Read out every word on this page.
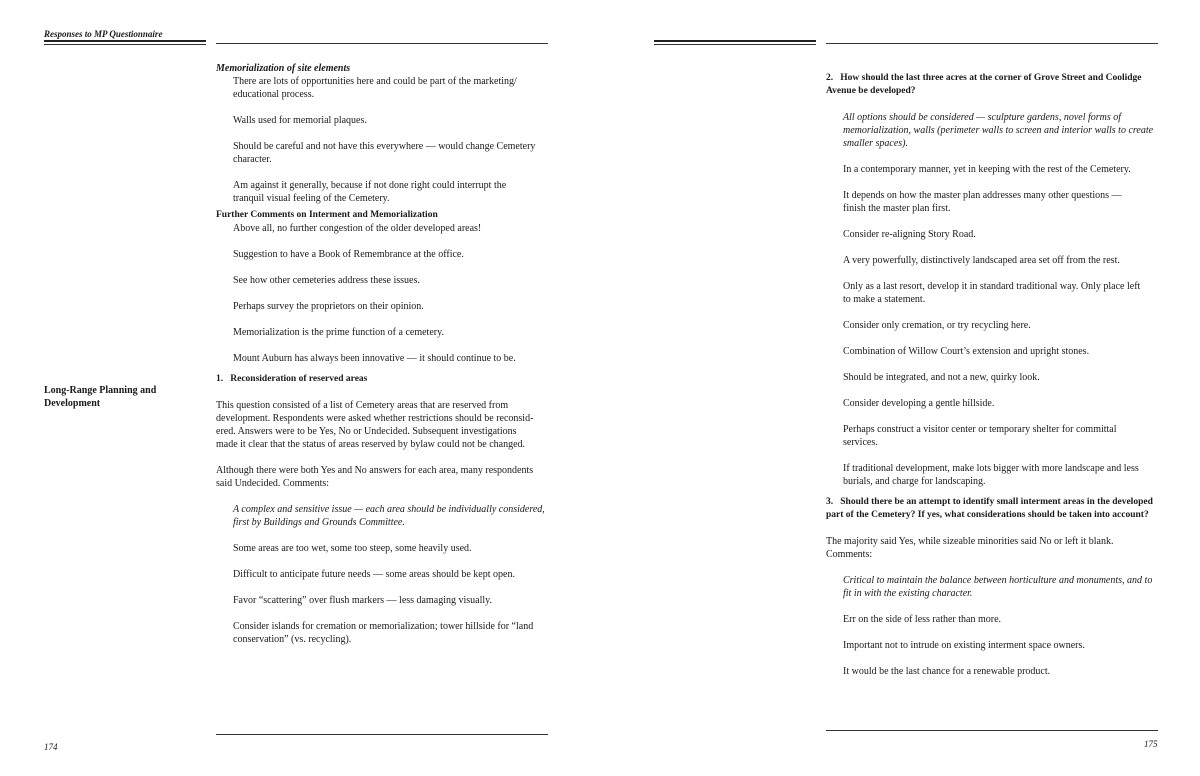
Responses to MP Questionnaire
Long-Range Planning and
Development
Memorialization of site elements
There are lots of opportunities here and could be part of the marketing/
educational process.
Walls used for memorial plaques.
Should be careful and not have this everywhere — would change Cemetery
character.
Am against it generally, because if not done right could interrupt the
tranquil visual feeling of the Cemetery.
Further Comments on Interment and Memorialization
Above all, no further congestion of the older developed areas!
Suggestion to have a Book of Remembrance at the office.
See how other cemeteries address these issues.
Perhaps survey the proprietors on their opinion.
Memorialization is the prime function of a cemetery.
Mount Auburn has always been innovative — it should continue to be.
1.   Reconsideration of reserved areas
This question consisted of a list of Cemetery areas that are reserved from
development. Respondents were asked whether restrictions should be reconsid-
ered. Answers were to be Yes, No or Undecided. Subsequent investigations
made it clear that the status of areas reserved by bylaw could not be changed.
Although there were both Yes and No answers for each area, many respondents
said Undecided. Comments:
A complex and sensitive issue — each area should be individually considered,
first by Buildings and Grounds Committee.
Some areas are too wet, some too steep, some heavily used.
Difficult to anticipate future needs — some areas should be kept open.
Favor “scattering” over flush markers — less damaging visually.
Consider islands for cremation or memorialization; tower hillside for “land
conservation” (vs. recycling).
174
2.   How should the last three acres at the corner of Grove Street and Coolidge
Avenue be developed?
All options should be considered — sculpture gardens, novel forms of
memorialization, walls (perimeter walls to screen and interior walls to create
smaller spaces).
In a contemporary manner, yet in keeping with the rest of the Cemetery.
It depends on how the master plan addresses many other questions —
finish the master plan first.
Consider re-aligning Story Road.
A very powerfully, distinctively landscaped area set off from the rest.
Only as a last resort, develop it in standard traditional way. Only place left
to make a statement.
Consider only cremation, or try recycling here.
Combination of Willow Court’s extension and upright stones.
Should be integrated, and not a new, quirky look.
Consider developing a gentle hillside.
Perhaps construct a visitor center or temporary shelter for committal
services.
If traditional development, make lots bigger with more landscape and less
burials, and charge for landscaping.
3.   Should there be an attempt to identify small interment areas in the developed
part of the Cemetery? If yes, what considerations should be taken into account?
The majority said Yes, while sizeable minorities said No or left it blank.
Comments:
Critical to maintain the balance between horticulture and monuments, and to
fit in with the existing character.
Err on the side of less rather than more.
Important not to intrude on existing interment space owners.
It would be the last chance for a renewable product.
175
